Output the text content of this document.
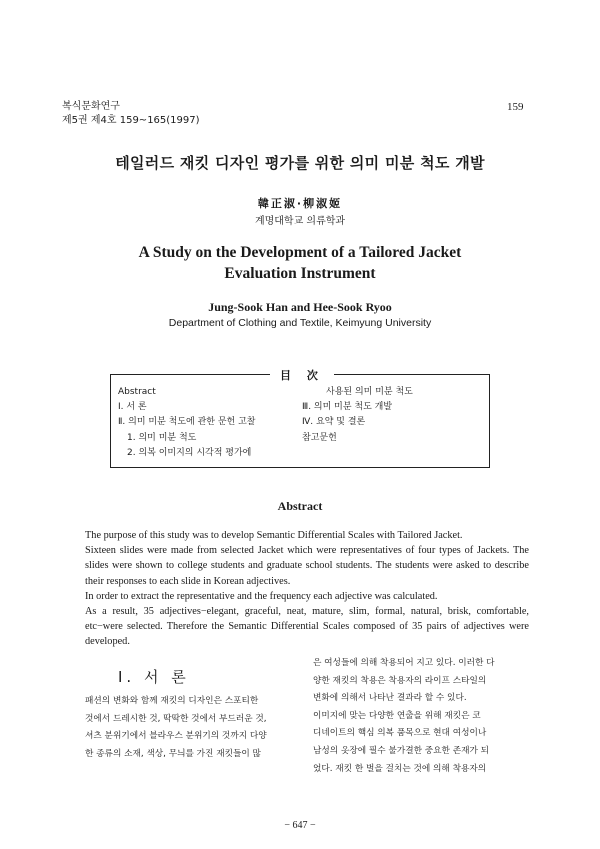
복식문화연구
제5권 제4호 159~165(1997)
159
테일러드 재킷 디자인 평가를 위한 의미 미분 척도 개발
韓正淑·柳淑姬
계명대학교 의류학과
A Study on the Development of a Tailored Jacket
Evaluation Instrument
Jung-Sook Han and Hee-Sook Ryoo
Department of Clothing and Textile, Keimyung University
目 次
Abstract
Ⅰ. 서 론
Ⅱ. 의미 미분 척도에 관한 문헌 고찰
1. 의미 미분 척도
2. 의복 이미지의 시각적 평가에
사용된 의미 미분 척도
Ⅲ. 의미 미분 척도 개발
Ⅳ. 요약 및 결론
참고문헌
Abstract

The purpose of this study was to develop Semantic Differential Scales with Tailored Jacket.

Sixteen slides were made from selected Jacket which were representatives of four types of Jackets. The slides were shown to college students and graduate school students. The students were asked to describe their responses to each slide in Korean adjectives.

In order to extract the representative and the frequency each adjective was calculated.

As a result, 35 adjectives−elegant, graceful, neat, mature, slim, formal, natural, brisk, comfortable, etc−were selected. Therefore the Semantic Differential Scales composed of 35 pairs of adjectives were developed.

Ⅰ. 서 론
패션의 변화와 함께 재킷의 디자인은 스포티한
것에서 드레시한 것, 딱딱한 것에서 부드러운 것,
셔츠 분위기에서 블라우스 분위기의 것까지 다양
한 종류의 소재, 색상, 무늬를 가진 재킷들이 많
은 여성들에 의해 착용되어 지고 있다. 이러한 다
양한 재킷의 착용은 착용자의 라이프 스타일의
변화에 의해서 나타난 결과라 할 수 있다.
이미지에 맞는 다양한 연출을 위해 재킷은 코
디네이트의 핵심 의복 품목으로 현대 여성이나
남성의 옷장에 필수 불가결한 중요한 존재가 되
었다. 재킷 한 벌을 걸치는 것에 의해 착용자의
− 647 −
